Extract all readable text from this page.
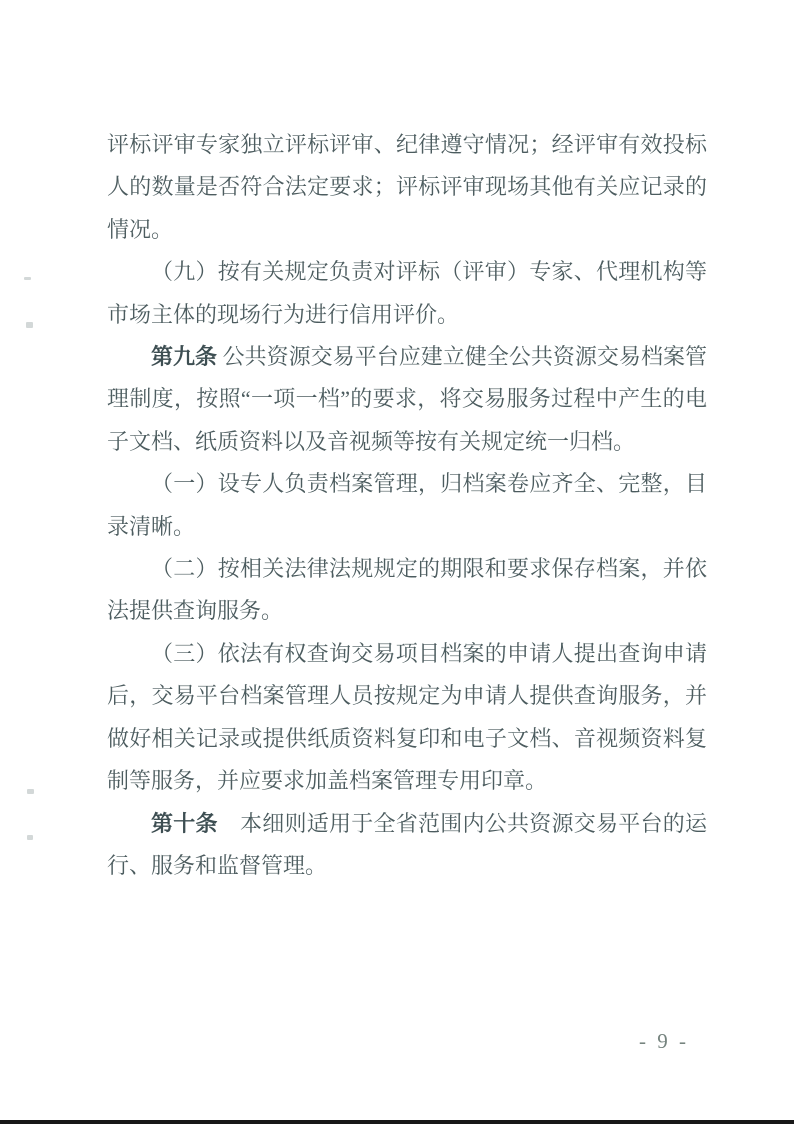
评标评审专家独立评标评审、纪律遵守情况；经评审有效投标人的数量是否符合法定要求；评标评审现场其他有关应记录的情况。

（九）按有关规定负责对评标（评审）专家、代理机构等市场主体的现场行为进行信用评价。

第九条 公共资源交易平台应建立健全公共资源交易档案管理制度，按照“一项一档”的要求，将交易服务过程中产生的电子文档、纸质资料以及音视频等按有关规定统一归档。

（一）设专人负责档案管理，归档案卷应齐全、完整，目录清晰。

（二）按相关法律法规规定的期限和要求保存档案，并依法提供查询服务。

（三）依法有权查询交易项目档案的申请人提出查询申请后，交易平台档案管理人员按规定为申请人提供查询服务，并做好相关记录或提供纸质资料复印和电子文档、音视频资料复制等服务，并应要求加盖档案管理专用印章。

第十条　本细则适用于全省范围内公共资源交易平台的运行、服务和监督管理。

- 9 -
